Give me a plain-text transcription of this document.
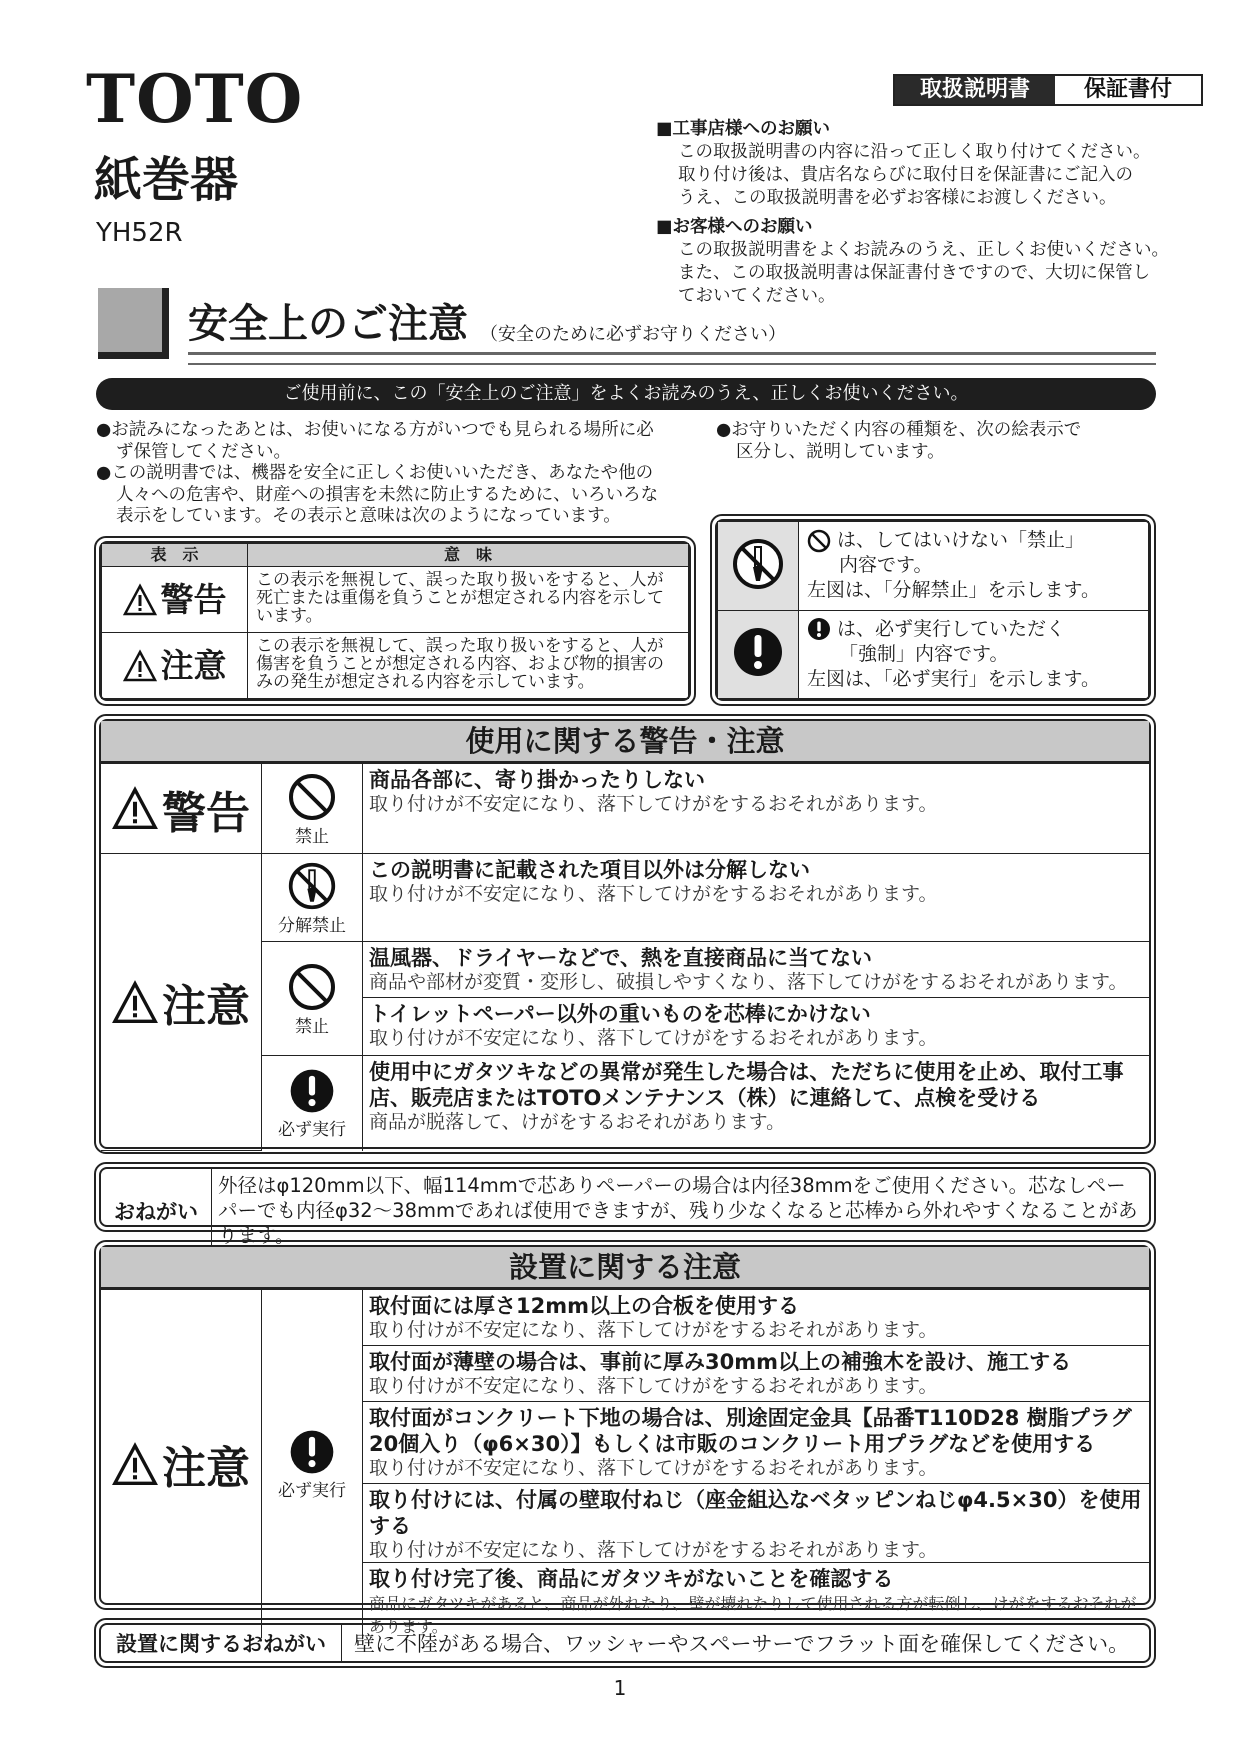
TOTO
紙巻器
YH52R
取扱説明書	保証書付
■工事店様へのお願い
この取扱説明書の内容に沿って正しく取り付けてください。
取り付け後は、貴店名ならびに取付日を保証書にご記入の
うえ、この取扱説明書を必ずお客様にお渡しください。
■お客様へのお願い
この取扱説明書をよくお読みのうえ、正しくお使いください。
また、この取扱説明書は保証書付きですので、大切に保管し
ておいてください。
安全上のご注意 （安全のために必ずお守りください）
ご使用前に、この「安全上のご注意」をよくお読みのうえ、正しくお使いください。
●お読みになったあとは、お使いになる方がいつでも見られる場所に必
ず保管してください。
●この説明書では、機器を安全に正しくお使いいただき、あなたや他の
人々への危害や、財産への損害を未然に防止するために、いろいろな
表示をしています。その表示と意味は次のようになっています。
●お守りいただく内容の種類を、次の絵表示で
区分し、説明しています。
表　示	意　味

警告	この表示を無視して、誤った取り扱いをすると、人が死亡または重傷を負うことが想定される内容を示しています。

注意	この表示を無視して、誤った取り扱いをすると、人が傷害を負うことが想定される内容、および物的損害のみの発生が想定される内容を示しています。

は、してはいけない「禁止」
内容です。
左図は、「分解禁止」を示します。

は、必ず実行していただく
「強制」内容です。
左図は、「必ず実行」を示します。
使用に関する警告・注意
警告	禁止	商品各部に、寄り掛かったりしない
取り付けが不安定になり、落下してけがをするおそれがあります。

注意	分解禁止	この説明書に記載された項目以外は分解しない
取り付けが不安定になり、落下してけがをするおそれがあります。

	禁止	温風器、ドライヤーなどで、熱を直接商品に当てない
商品や部材が変質・変形し、破損しやすくなり、落下してけがをするおそれがあります。

		トイレットペーパー以外の重いものを芯棒にかけない
取り付けが不安定になり、落下してけがをするおそれがあります。

	必ず実行	使用中にガタツキなどの異常が発生した場合は、ただちに使用を止め、取付工事店、販売店またはTOTOメンテナンス（株）に連絡して、点検を受ける
商品が脱落して、けがをするおそれがあります。
おねがい	外径はφ120mm以下、幅114mmで芯ありペーパーの場合は内径38mmをご使用ください。芯なしペーパーでも内径φ32～38mmであれば使用できますが、残り少なくなると芯棒から外れやすくなることがあります。
設置に関する注意
注意	必ず実行

取付面には厚さ12mm以上の合板を使用する
取り付けが不安定になり、落下してけがをするおそれがあります。

取付面が薄壁の場合は、事前に厚み30mm以上の補強木を設け、施工する
取り付けが不安定になり、落下してけがをするおそれがあります。

取付面がコンクリート下地の場合は、別途固定金具【品番T110D28 樹脂プラグ20個入り（φ6×30）】もしくは市販のコンクリート用プラグなどを使用する
取り付けが不安定になり、落下してけがをするおそれがあります。

取り付けには、付属の壁取付ねじ（座金組込なベタッピンねじφ4.5×30）を使用する
取り付けが不安定になり、落下してけがをするおそれがあります。

取り付け完了後、商品にガタツキがないことを確認する
商品にガタツキがあると、商品が外れたり、壁が壊れたりして使用される方が転倒し、けがをするおそれがあります。
設置に関するおねがい	壁に不陸がある場合、ワッシャーやスペーサーでフラット面を確保してください。
1
